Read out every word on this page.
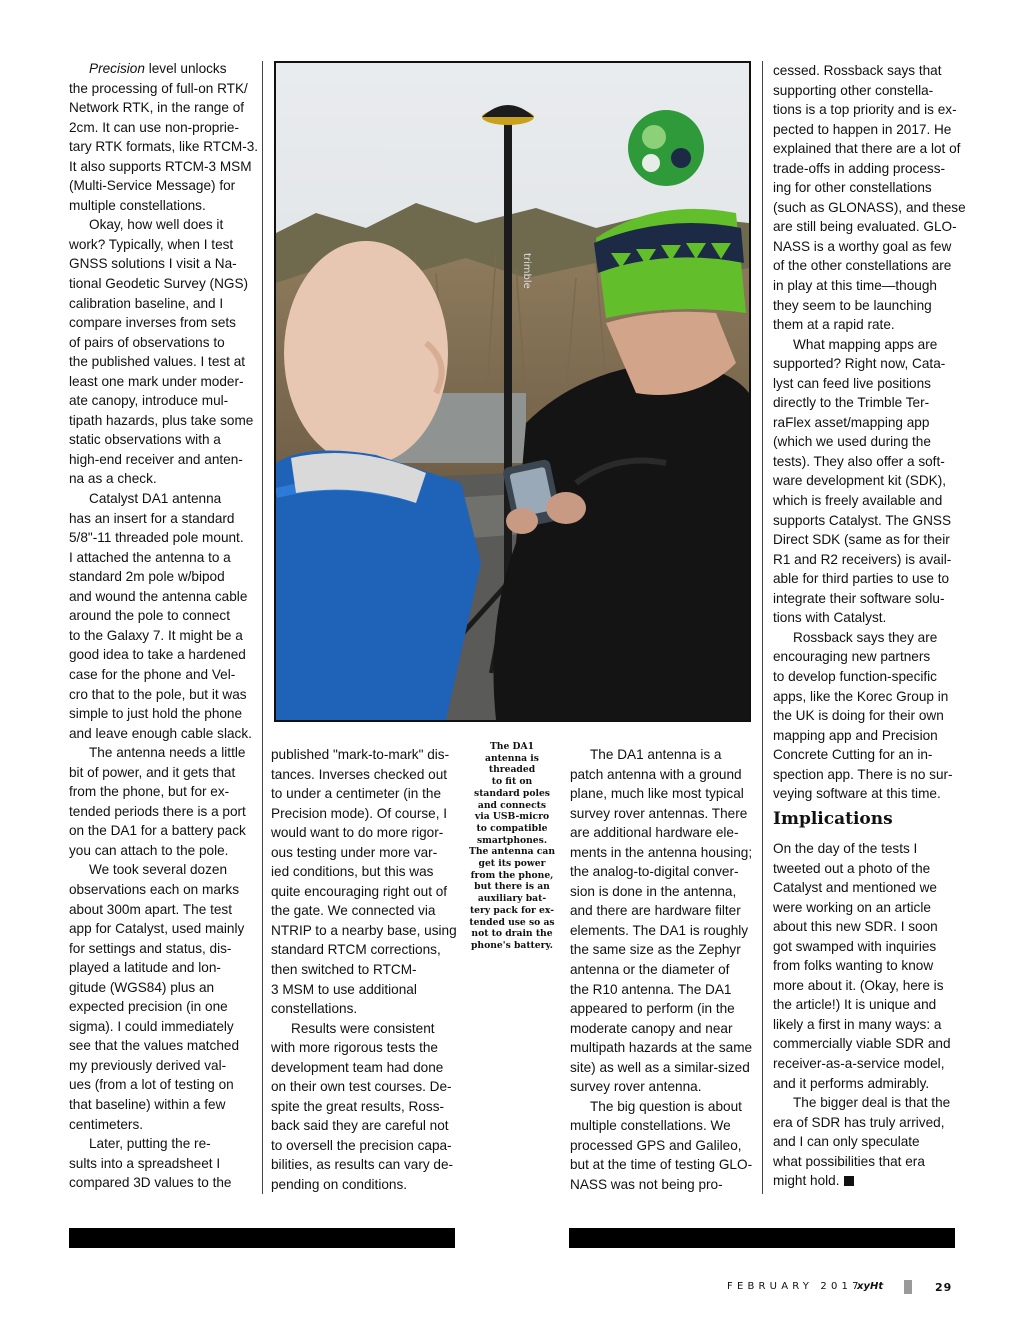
Precision level unlocks
the processing of full-on RTK/
Network RTK, in the range of
2cm. It can use non-proprie-
tary RTK formats, like RTCM-3.
It also supports RTCM-3 MSM
(Multi-Service Message) for
multiple constellations.
Okay, how well does it
work? Typically, when I test
GNSS solutions I visit a Na-
tional Geodetic Survey (NGS)
calibration baseline, and I
compare inverses from sets
of pairs of observations to
the published values. I test at
least one mark under moder-
ate canopy, introduce mul-
tipath hazards, plus take some
static observations with a
high-end receiver and anten-
na as a check.
Catalyst DA1 antenna
has an insert for a standard
5/8"-11 threaded pole mount.
I attached the antenna to a
standard 2m pole w/bipod
and wound the antenna cable
around the pole to connect
to the Galaxy 7. It might be a
good idea to take a hardened
case for the phone and Vel-
cro that to the pole, but it was
simple to just hold the phone
and leave enough cable slack.
The antenna needs a little
bit of power, and it gets that
from the phone, but for ex-
tended periods there is a port
on the DA1 for a battery pack
you can attach to the pole.
We took several dozen
observations each on marks
about 300m apart. The test
app for Catalyst, used mainly
for settings and status, dis-
played a latitude and lon-
gitude (WGS84) plus an
expected precision (in one
sigma). I could immediately
see that the values matched
my previously derived val-
ues (from a lot of testing on
that baseline) within a few
centimeters.
Later, putting the re-
sults into a spreadsheet I
compared 3D values to the
trimble
published "mark-to-mark" dis-
tances. Inverses checked out
to under a centimeter (in the
Precision mode). Of course, I
would want to do more rigor-
ous testing under more var-
ied conditions, but this was
quite encouraging right out of
the gate. We connected via
NTRIP to a nearby base, using
standard RTCM corrections,
then switched to RTCM-
3 MSM to use additional
constellations.
Results were consistent
with more rigorous tests the
development team had done
on their own test courses. De-
spite the great results, Ross-
back said they are careful not
to oversell the precision capa-
bilities, as results can vary de-
pending on conditions.
The DA1
antenna is
threaded
to fit on
standard poles
and connects
via USB-micro
to compatible
smartphones.
The antenna can
get its power
from the phone,
but there is an
auxiliary bat-
tery pack for ex-
tended use so as
not to drain the
phone's battery.
The DA1 antenna is a
patch antenna with a ground
plane, much like most typical
survey rover antennas. There
are additional hardware ele-
ments in the antenna housing;
the analog-to-digital conver-
sion is done in the antenna,
and there are hardware filter
elements. The DA1 is roughly
the same size as the Zephyr
antenna or the diameter of
the R10 antenna. The DA1
appeared to perform (in the
moderate canopy and near
multipath hazards at the same
site) as well as a similar-sized
survey rover antenna.
The big question is about
multiple constellations. We
processed GPS and Galileo,
but at the time of testing GLO-
NASS was not being pro-
cessed. Rossback says that
supporting other constella-
tions is a top priority and is ex-
pected to happen in 2017. He
explained that there are a lot of
trade-offs in adding process-
ing for other constellations
(such as GLONASS), and these
are still being evaluated. GLO-
NASS is a worthy goal as few
of the other constellations are
in play at this time—though
they seem to be launching
them at a rapid rate.
What mapping apps are
supported? Right now, Cata-
lyst can feed live positions
directly to the Trimble Ter-
raFlex asset/mapping app
(which we used during the
tests). They also offer a soft-
ware development kit (SDK),
which is freely available and
supports Catalyst. The GNSS
Direct SDK (same as for their
R1 and R2 receivers) is avail-
able for third parties to use to
integrate their software solu-
tions with Catalyst.
Rossback says they are
encouraging new partners
to develop function-specific
apps, like the Korec Group in
the UK is doing for their own
mapping app and Precision
Concrete Cutting for an in-
spection app. There is no sur-
veying software at this time.
Implications
On the day of the tests I
tweeted out a photo of the
Catalyst and mentioned we
were working on an article
about this new SDR. I soon
got swamped with inquiries
from folks wanting to know
more about it. (Okay, here is
the article!) It is unique and
likely a first in many ways: a
commercially viable SDR and
receiver-as-a-service model,
and it performs admirably.
The bigger deal is that the
era of SDR has truly arrived,
and I can only speculate
what possibilities that era
might hold.
FEBRUARY 2017
xyHt	29
